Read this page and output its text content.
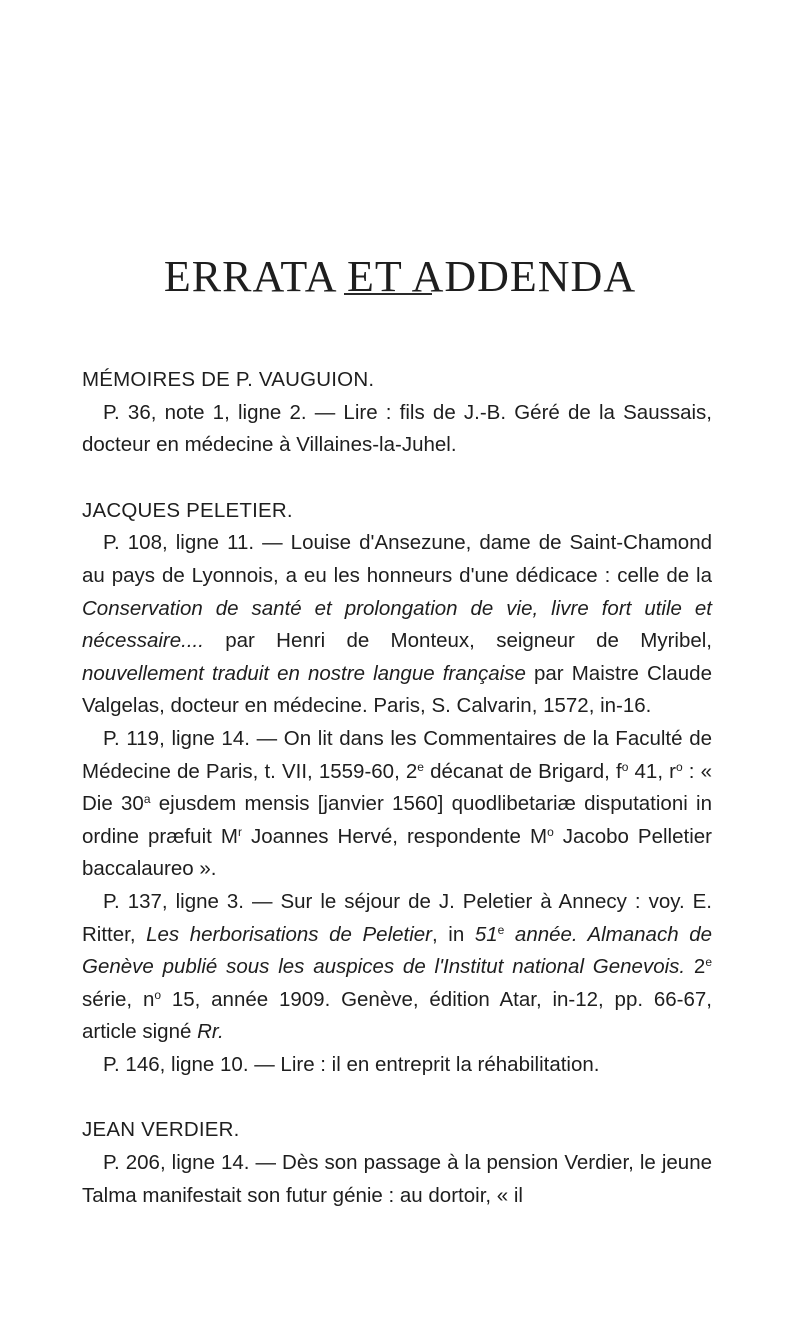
ERRATA ET ADDENDA

MÉMOIRES DE P. VAUGUION.

P. 36, note 1, ligne 2. — Lire : fils de J.-B. Géré de la Saussais, docteur en médecine à Villaines-la-Juhel.

JACQUES PELETIER.

P. 108, ligne 11. — Louise d'Ansezune, dame de Saint-Chamond au pays de Lyonnois, a eu les honneurs d'une dédicace : celle de la Conservation de santé et prolongation de vie, livre fort utile et nécessaire.... par Henri de Monteux, seigneur de Myribel, nouvellement traduit en nostre langue française par Maistre Claude Valgelas, docteur en médecine. Paris, S. Calvarin, 1572, in-16.

P. 119, ligne 14. — On lit dans les Commentaires de la Faculté de Médecine de Paris, t. VII, 1559-60, 2e décanat de Brigard, $f^o$ 41, $r^o$ : « Die 30$^a$ ejusdem mensis [janvier 1560] quodlibetariæ disputationi in ordine præfuit $M^r$ Joannes Hervé, respondente $M^o$ Jacobo Pelletier baccalaureo ».

P. 137, ligne 3. — Sur le séjour de J. Peletier à Annecy : voy. E. Ritter, Les herborisations de Peletier, in 51e année. Almanach de Genève publié sous les auspices de l'Institut national Genevois. 2e série, $n^o$ 15, année 1909. Genève, édition Atar, in-12, pp. 66-67, article signé Rr.

P. 146, ligne 10. — Lire : il en entreprit la réhabilitation.

JEAN VERDIER.

P. 206, ligne 14. — Dès son passage à la pension Verdier, le jeune Talma manifestait son futur génie : au dortoir, « il
